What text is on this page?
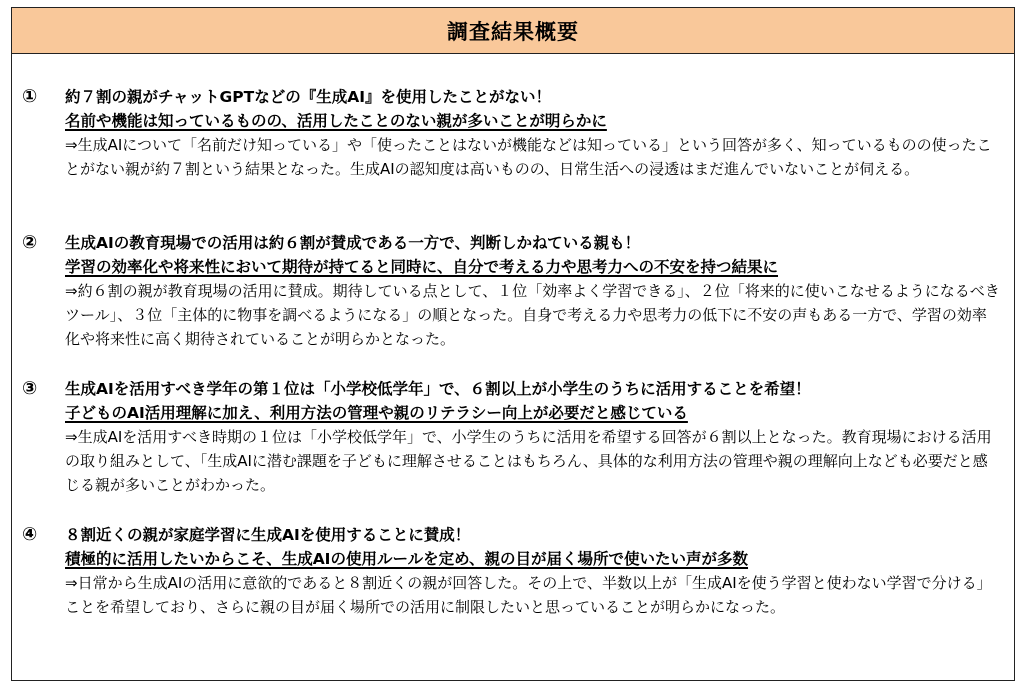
調査結果概要
① 約７割の親がチャットGPTなどの『生成AI』を使用したことがない！
名前や機能は知っているものの、活用したことのない親が多いことが明らかに
⇒生成AIについて「名前だけ知っている」や「使ったことはないが機能などは知っている」という回答が多く、知っているものの使ったことがない親が約７割という結果となった。生成AIの認知度は高いものの、日常生活への浸透はまだ進んでいないことが伺える。
② 生成AIの教育現場での活用は約６割が賛成である一方で、判断しかねている親も！
学習の効率化や将来性において期待が持てると同時に、自分で考える力や思考力への不安を持つ結果に
⇒約６割の親が教育現場の活用に賛成。期待している点として、１位「効率よく学習できる」、２位「将来的に使いこなせるようになるべきツール」、３位「主体的に物事を調べるようになる」の順となった。自身で考える力や思考力の低下に不安の声もある一方で、学習の効率化や将来性に高く期待されていることが明らかとなった。
③ 生成AIを活用すべき学年の第１位は「小学校低学年」で、６割以上が小学生のうちに活用することを希望！
子どものAI活用理解に加え、利用方法の管理や親のリテラシー向上が必要だと感じている
⇒生成AIを活用すべき時期の１位は「小学校低学年」で、小学生のうちに活用を希望する回答が６割以上となった。教育現場における活用の取り組みとして、「生成AIに潜む課題を子どもに理解させることはもちろん、具体的な利用方法の管理や親の理解向上なども必要だと感じる親が多いことがわかった。
④ ８割近くの親が家庭学習に生成AIを使用することに賛成！
積極的に活用したいからこそ、生成AIの使用ルールを定め、親の目が届く場所で使いたい声が多数
⇒日常から生成AIの活用に意欲的であると８割近くの親が回答した。その上で、半数以上が「生成AIを使う学習と使わない学習で分ける」ことを希望しており、さらに親の目が届く場所での活用に制限したいと思っていることが明らかになった。
